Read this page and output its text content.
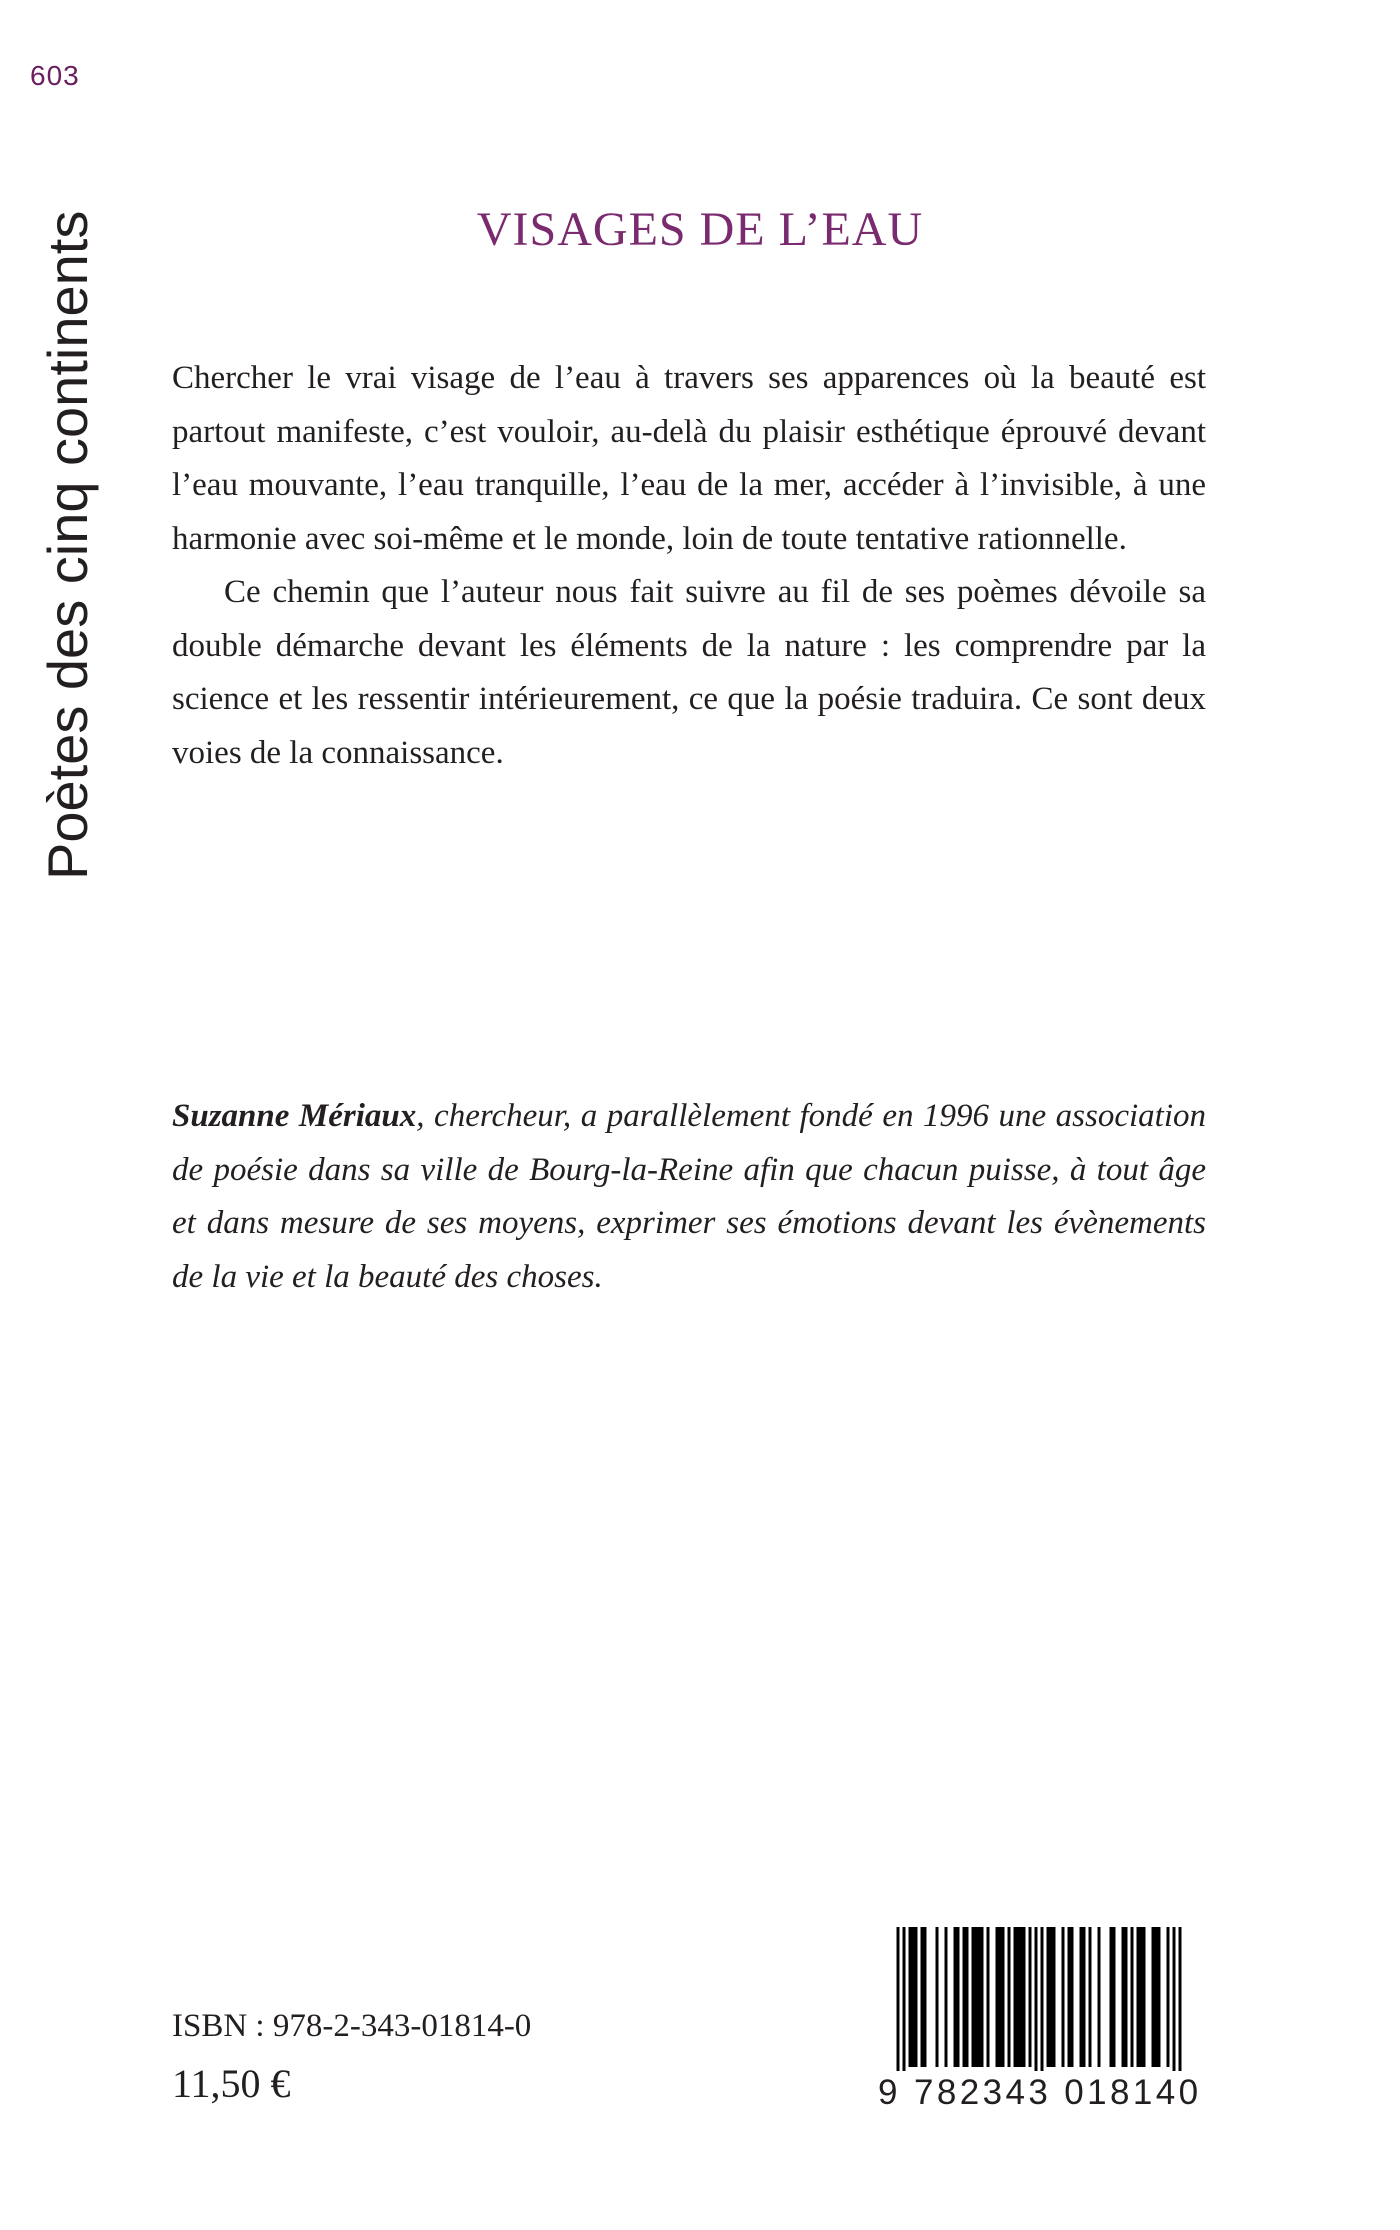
603
Poètes des cinq continents	VISAGES DE L’EAU

Chercher le vrai visage de l’eau à travers ses apparences où la beauté est partout manifeste, c’est vouloir, au-delà du plaisir esthétique éprouvé devant l’eau mouvante, l’eau tranquille, l’eau de la mer, accéder à l’invisible, à une harmonie avec soi-même et le monde, loin de toute tentative rationnelle.

Ce chemin que l’auteur nous fait suivre au fil de ses poèmes dévoile sa double démarche devant les éléments de la nature : les comprendre par la science et les ressentir intérieurement, ce que la poésie traduira. Ce sont deux voies de la connaissance.

Suzanne Mériaux, chercheur, a parallèlement fondé en 1996 une association de poésie dans sa ville de Bourg-la-Reine afin que chacun puisse, à tout âge et dans mesure de ses moyens, exprimer ses émotions devant les évènements de la vie et la beauté des choses.

ISBN : 978-2-343-01814-0
11,50 €	9 782343 018140
